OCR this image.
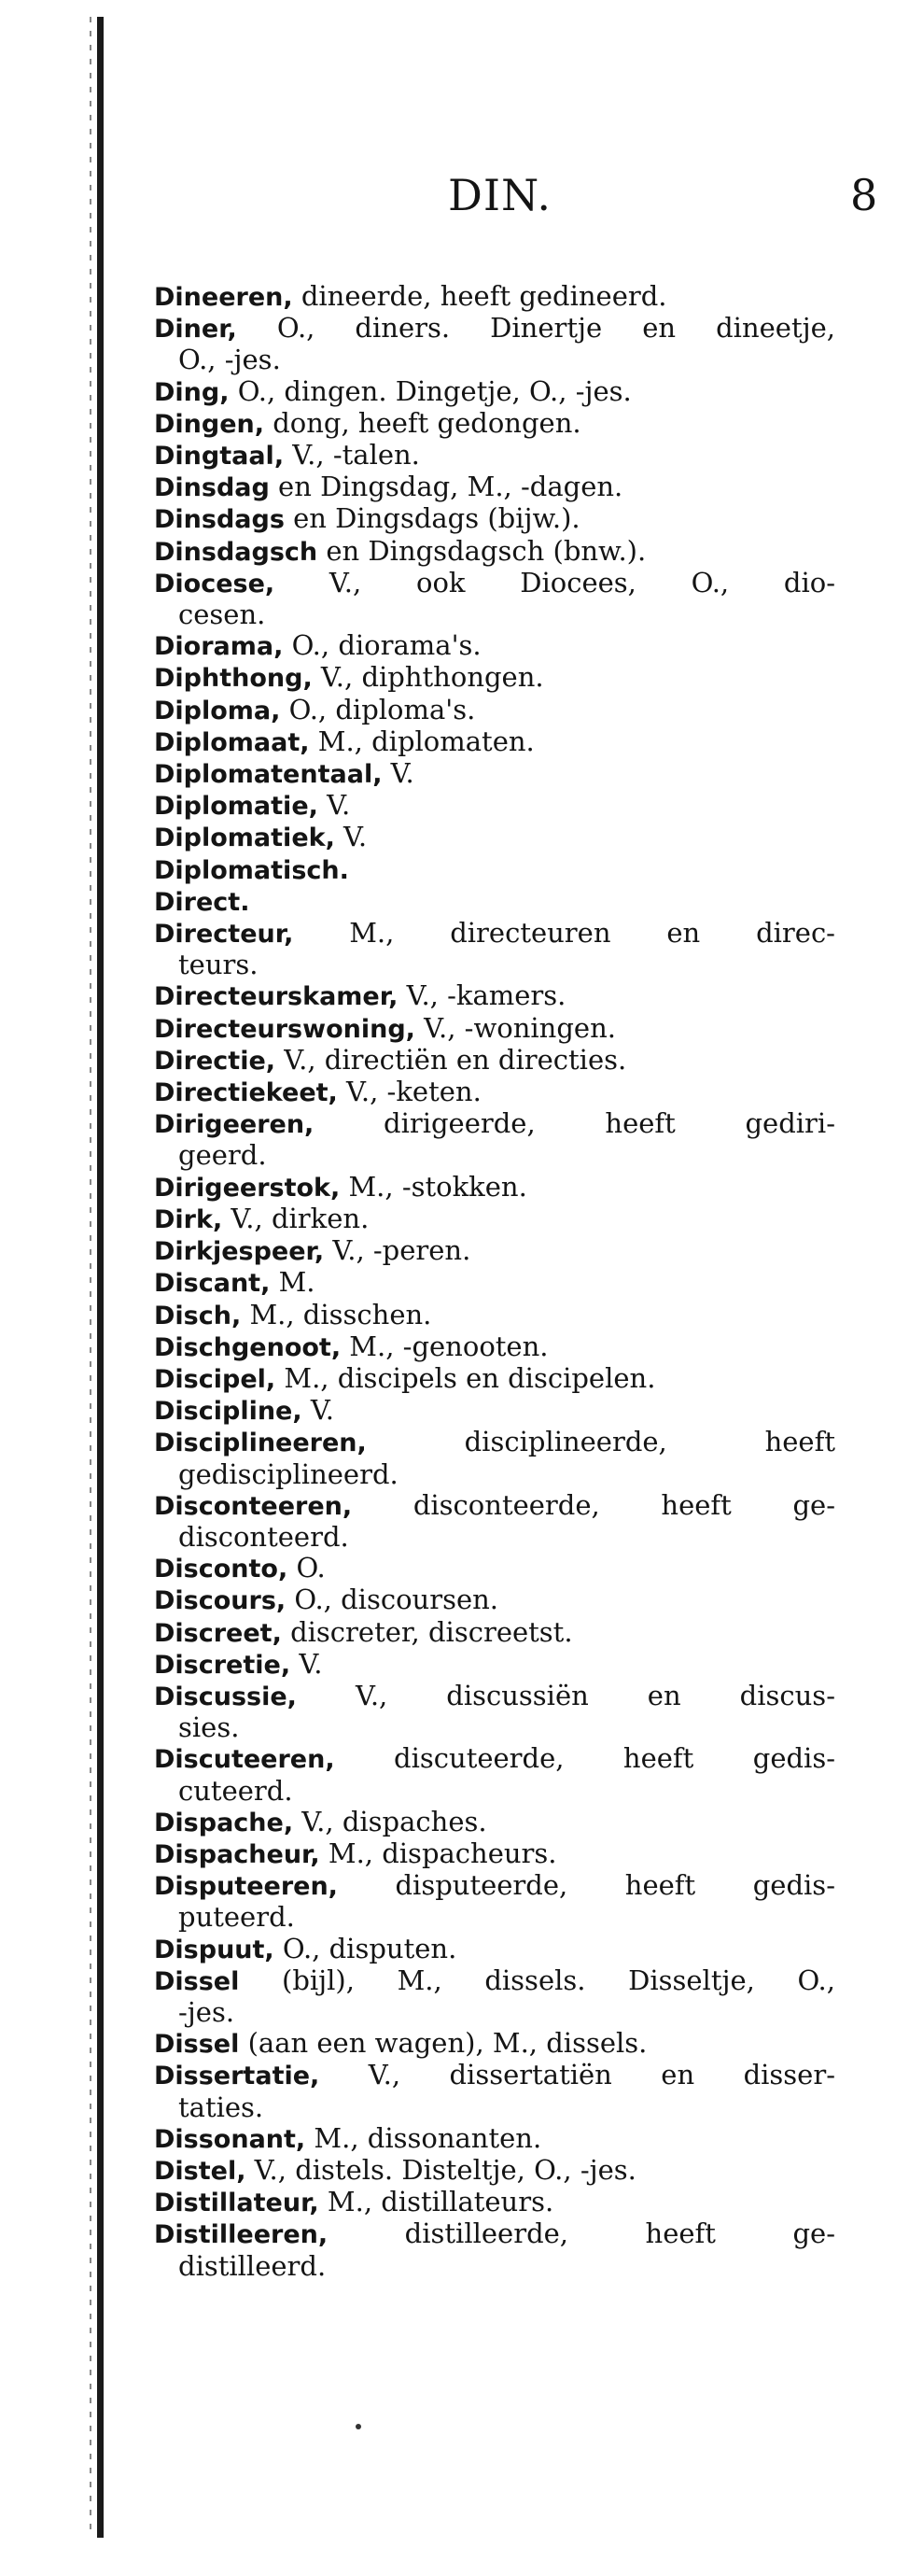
DIN.	8
Dineeren, dineerde, heeft gedineerd.
Diner, O., diners. Dinertje en dineetje,
O., -jes.
Ding, O., dingen. Dingetje, O., -jes.
Dingen, dong, heeft gedongen.
Dingtaal, V., -talen.
Dinsdag en Dingsdag, M., -dagen.
Dinsdags en Dingsdags (bijw.).
Dinsdagsch en Dingsdagsch (bnw.).
Diocese, V., ook Diocees, O., dio-
cesen.
Diorama, O., diorama's.
Diphthong, V., diphthongen.
Diploma, O., diploma's.
Diplomaat, M., diplomaten.
Diplomatentaal, V.
Diplomatie, V.
Diplomatiek, V.
Diplomatisch.
Direct.
Directeur, M., directeuren en direc-
teurs.
Directeurskamer, V., -kamers.
Directeurswoning, V., -woningen.
Directie, V., directiën en directies.
Directiekeet, V., -keten.
Dirigeeren, dirigeerde, heeft gediri-
geerd.
Dirigeerstok, M., -stokken.
Dirk, V., dirken.
Dirkjespeer, V., -peren.
Discant, M.
Disch, M., disschen.
Dischgenoot, M., -genooten.
Discipel, M., discipels en discipelen.
Discipline, V.
Disciplineeren, disciplineerde, heeft
gedisciplineerd.
Disconteeren, disconteerde, heeft ge-
disconteerd.
Disconto, O.
Discours, O., discoursen.
Discreet, discreter, discreetst.
Discretie, V.
Discussie, V., discussiën en discus-
sies.
Discuteeren, discuteerde, heeft gedis-
cuteerd.
Dispache, V., dispaches.
Dispacheur, M., dispacheurs.
Disputeeren, disputeerde, heeft gedis-
puteerd.
Dispuut, O., disputen.
Dissel (bijl), M., dissels. Disseltje, O.,
-jes.
Dissel (aan een wagen), M., dissels.
Dissertatie, V., dissertatiën en disser-
taties.
Dissonant, M., dissonanten.
Distel, V., distels. Disteltje, O., -jes.
Distillateur, M., distillateurs.
Distilleeren, distilleerde, heeft ge-
distilleerd.
